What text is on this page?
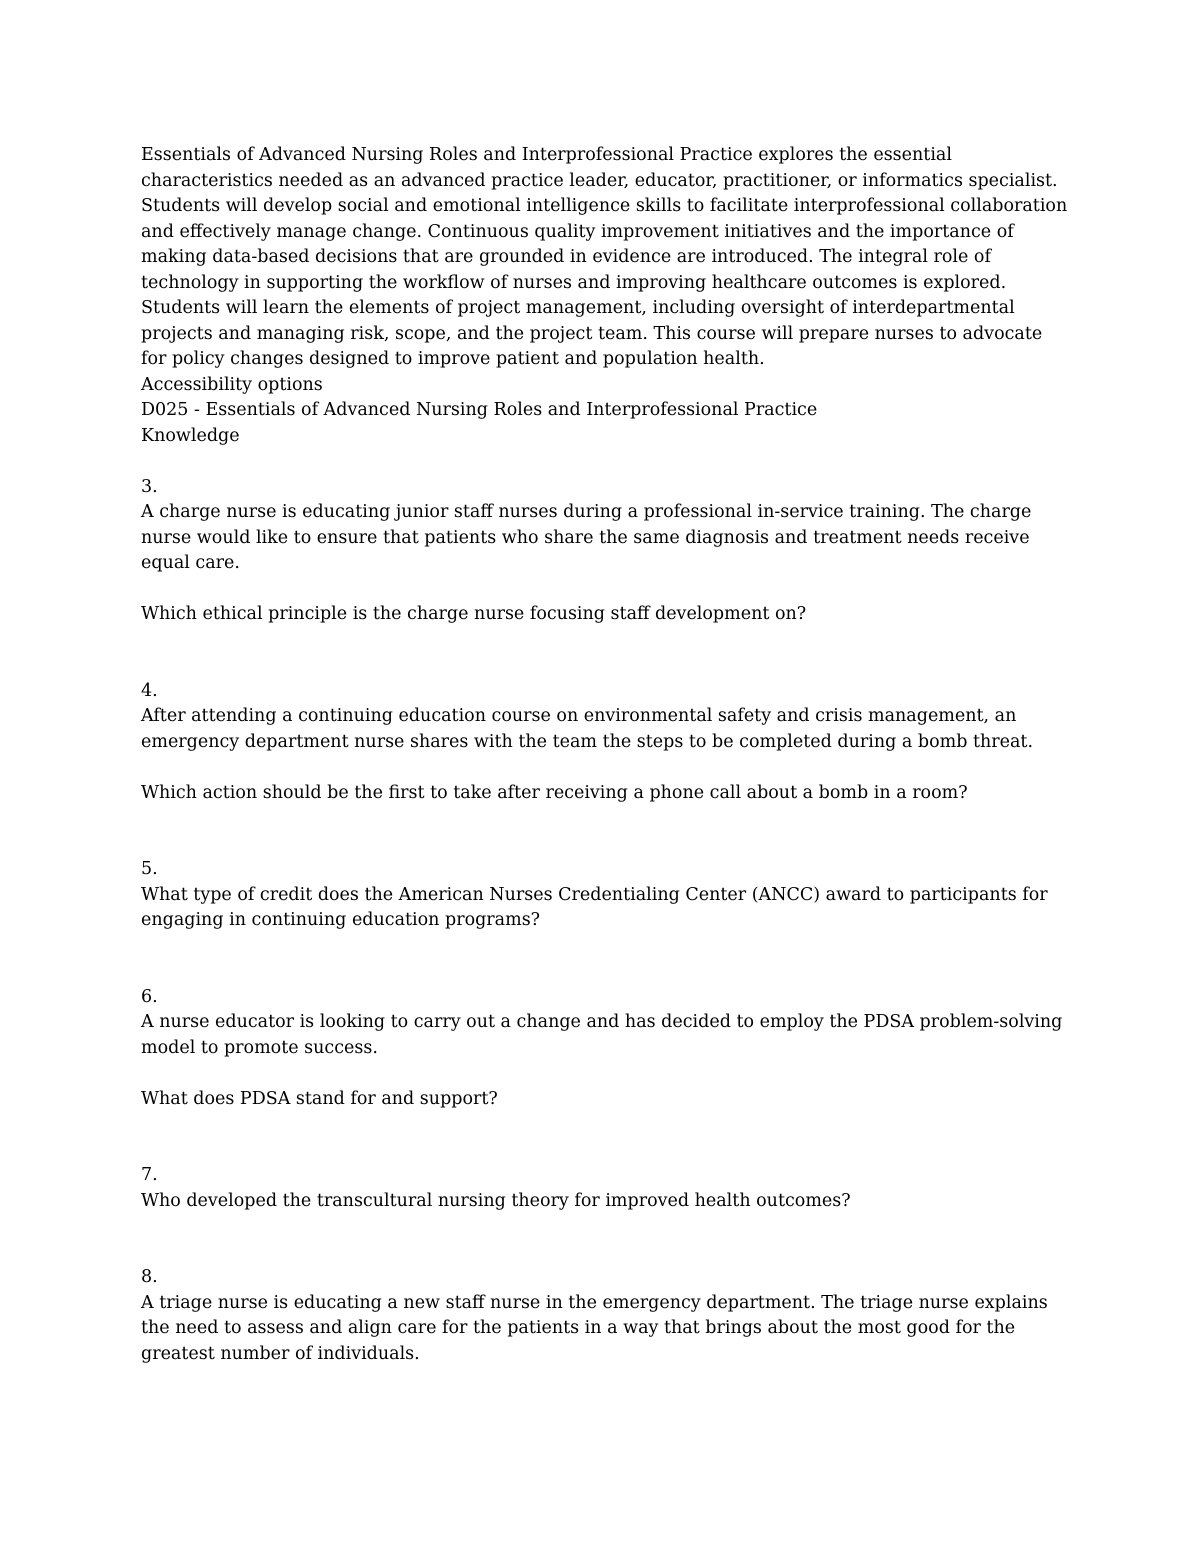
Essentials of Advanced Nursing Roles and Interprofessional Practice explores the essential characteristics needed as an advanced practice leader, educator, practitioner, or informatics specialist. Students will develop social and emotional intelligence skills to facilitate interprofessional collaboration and effectively manage change. Continuous quality improvement initiatives and the importance of making data-based decisions that are grounded in evidence are introduced. The integral role of technology in supporting the workflow of nurses and improving healthcare outcomes is explored. Students will learn the elements of project management, including oversight of interdepartmental projects and managing risk, scope, and the project team. This course will prepare nurses to advocate for policy changes designed to improve patient and population health.

Accessibility options

D025 - Essentials of Advanced Nursing Roles and Interprofessional Practice

Knowledge

3.

A charge nurse is educating junior staff nurses during a professional in-service training. The charge nurse would like to ensure that patients who share the same diagnosis and treatment needs receive equal care.

Which ethical principle is the charge nurse focusing staff development on?

4.

After attending a continuing education course on environmental safety and crisis management, an emergency department nurse shares with the team the steps to be completed during a bomb threat.

Which action should be the first to take after receiving a phone call about a bomb in a room?

5.

What type of credit does the American Nurses Credentialing Center (ANCC) award to participants for engaging in continuing education programs?

6.

A nurse educator is looking to carry out a change and has decided to employ the PDSA problem-solving model to promote success.

What does PDSA stand for and support?

7.

Who developed the transcultural nursing theory for improved health outcomes?

8.

A triage nurse is educating a new staff nurse in the emergency department. The triage nurse explains the need to assess and align care for the patients in a way that brings about the most good for the greatest number of individuals.
